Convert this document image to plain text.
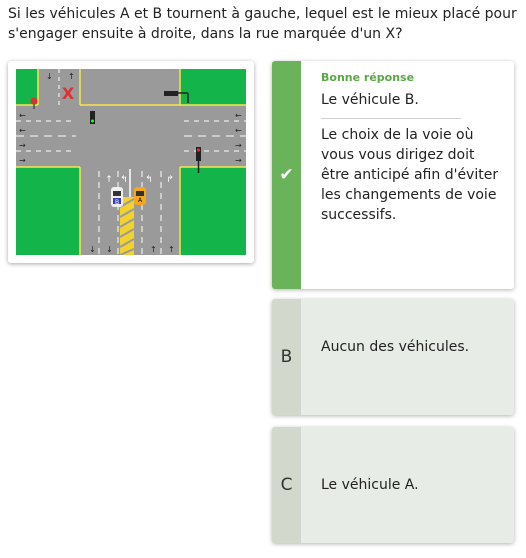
Si les véhicules A et B tournent à gauche, lequel est le mieux placé pour s'engager ensuite à droite, dans la rue marquée d'un X?
↰ ↰ ↱
↑
←
←
→
→
←
←
→
→
↓ ↓	↑ ↑
↓ ↑
X
A
B
✔
Bonne réponse
Le véhicule B.
Le choix de la voie où vous vous dirigez doit être anticipé afin d'éviter les changements de voie successifs.
B	Aucun des véhicules.
C	Le véhicule A.
